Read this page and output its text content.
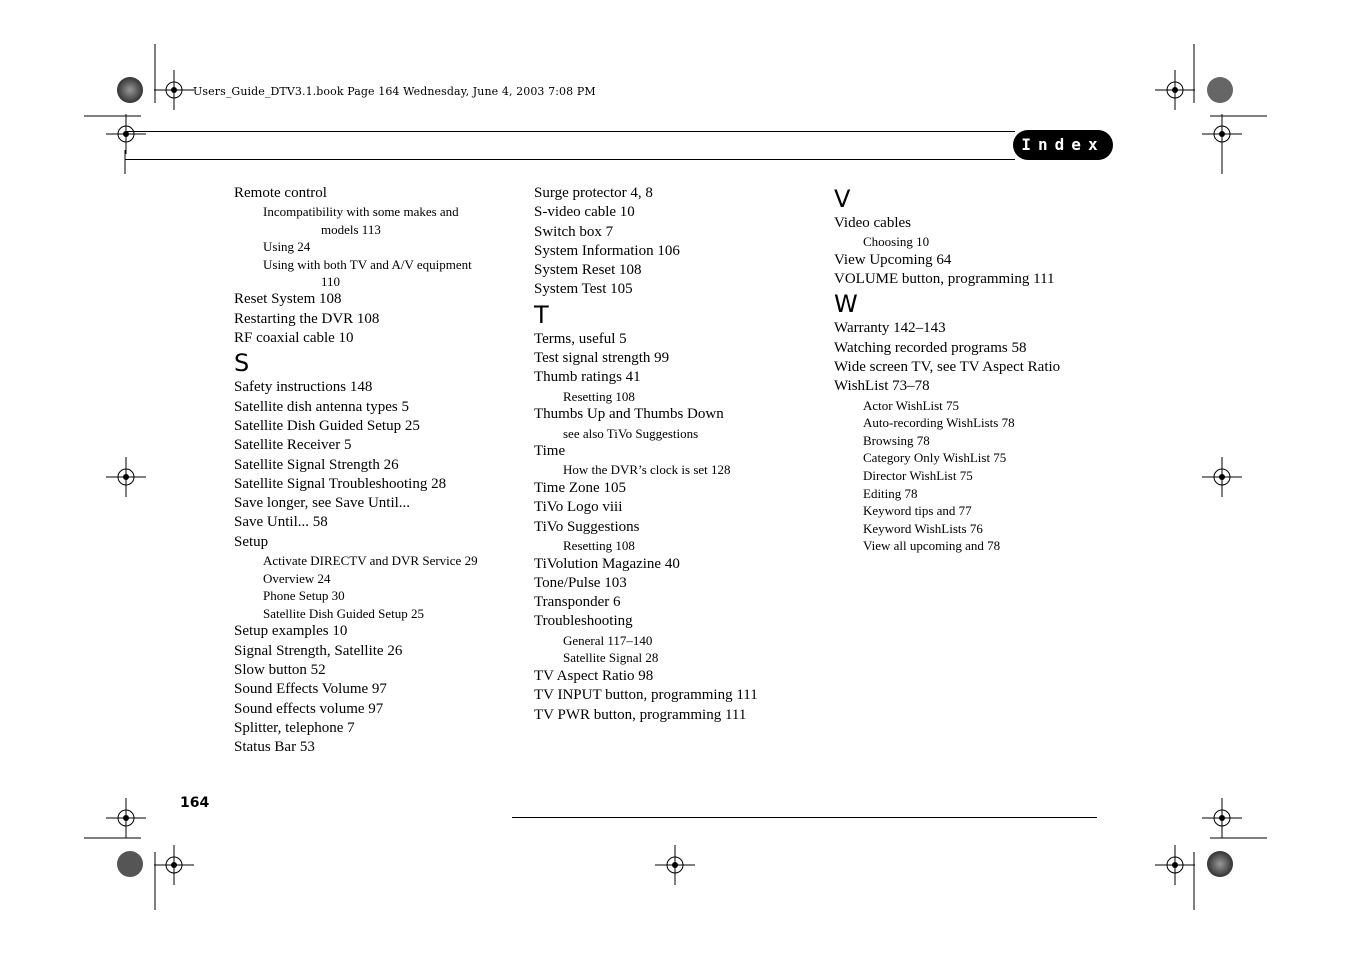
Users_Guide_DTV3.1.book Page 164 Wednesday, June 4, 2003 7:08 PM
Index
Remote control
Incompatibility with some makes and
models 113
Using 24
Using with both TV and A/V equipment
110
Reset System 108
Restarting the DVR 108
RF coaxial cable 10
S
Safety instructions 148
Satellite dish antenna types 5
Satellite Dish Guided Setup 25
Satellite Receiver 5
Satellite Signal Strength 26
Satellite Signal Troubleshooting 28
Save longer, see Save Until...
Save Until... 58
Setup
Activate DIRECTV and DVR Service 29
Overview 24
Phone Setup 30
Satellite Dish Guided Setup 25
Setup examples 10
Signal Strength, Satellite 26
Slow button 52
Sound Effects Volume 97
Sound effects volume 97
Splitter, telephone 7
Status Bar 53
Surge protector 4, 8
S-video cable 10
Switch box 7
System Information 106
System Reset 108
System Test 105
T
Terms, useful 5
Test signal strength 99
Thumb ratings 41
Resetting 108
Thumbs Up and Thumbs Down
see also TiVo Suggestions
Time
How the DVR’s clock is set 128
Time Zone 105
TiVo Logo viii
TiVo Suggestions
Resetting 108
TiVolution Magazine 40
Tone/Pulse 103
Transponder 6
Troubleshooting
General 117–140
Satellite Signal 28
TV Aspect Ratio 98
TV INPUT button, programming 111
TV PWR button, programming 111
V
Video cables
Choosing 10
View Upcoming 64
VOLUME button, programming 111
W
Warranty 142–143
Watching recorded programs 58
Wide screen TV, see TV Aspect Ratio
WishList 73–78
Actor WishList 75
Auto-recording WishLists 78
Browsing 78
Category Only WishList 75
Director WishList 75
Editing 78
Keyword tips and 77
Keyword WishLists 76
View all upcoming and 78
164
